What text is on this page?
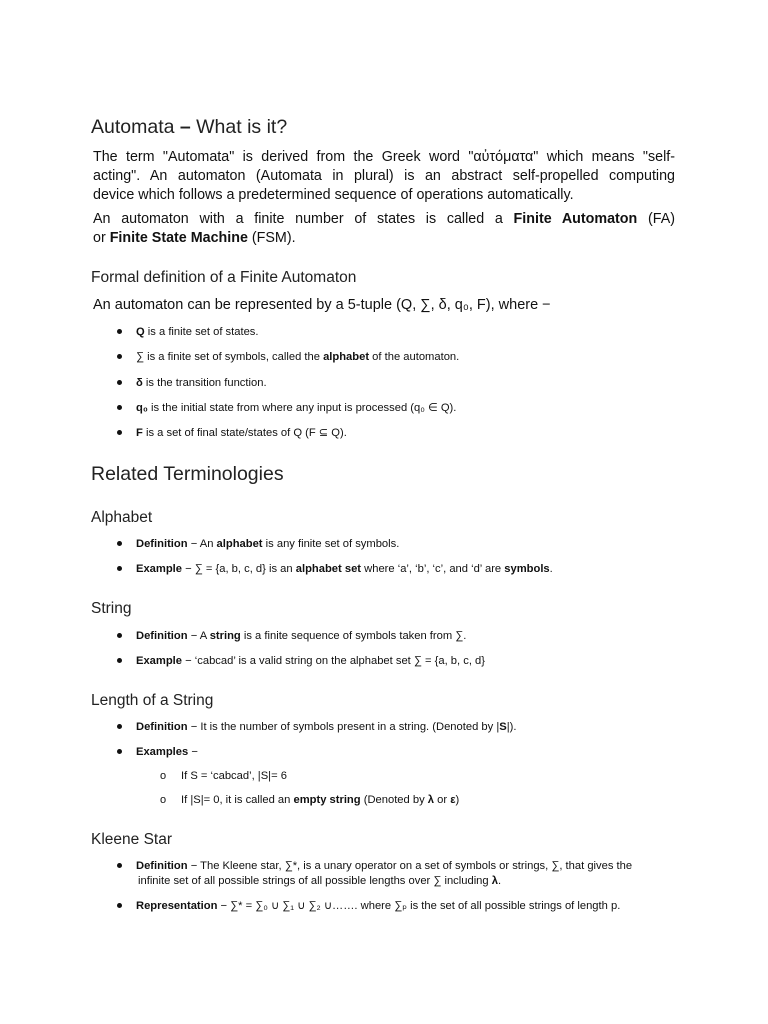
Automata – What is it?
The term "Automata" is derived from the Greek word "αὐτόματα" which means "self-
acting". An automaton (Automata in plural) is an abstract self-propelled computing
device which follows a predetermined sequence of operations automatically.
An automaton with a finite number of states is called a Finite Automaton (FA)
or Finite State Machine (FSM).
Formal definition of a Finite Automaton
An automaton can be represented by a 5-tuple (Q, ∑, δ, q₀, F), where −
Q is a finite set of states.
∑ is a finite set of symbols, called the alphabet of the automaton.
δ is the transition function.
q₀ is the initial state from where any input is processed (q₀ ∈ Q).
F is a set of final state/states of Q (F ⊆ Q).
Related Terminologies
Alphabet
Definition − An alphabet is any finite set of symbols.
Example − ∑ = {a, b, c, d} is an alphabet set where ‘a’, ‘b’, ‘c’, and ‘d’ are symbols.
String
Definition − A string is a finite sequence of symbols taken from ∑.
Example − ‘cabcad’ is a valid string on the alphabet set ∑ = {a, b, c, d}
Length of a String
Definition − It is the number of symbols present in a string. (Denoted by |S|).
Examples −
o If S = ‘cabcad’, |S|= 6
o If |S|= 0, it is called an empty string (Denoted by λ or ε)
Kleene Star
Definition − The Kleene star, ∑*, is a unary operator on a set of symbols or strings, ∑, that gives the
infinite set of all possible strings of all possible lengths over ∑ including λ.
Representation − ∑* = ∑₀ ∪ ∑₁ ∪ ∑₂ ∪……. where ∑ₚ is the set of all possible strings of length p.
